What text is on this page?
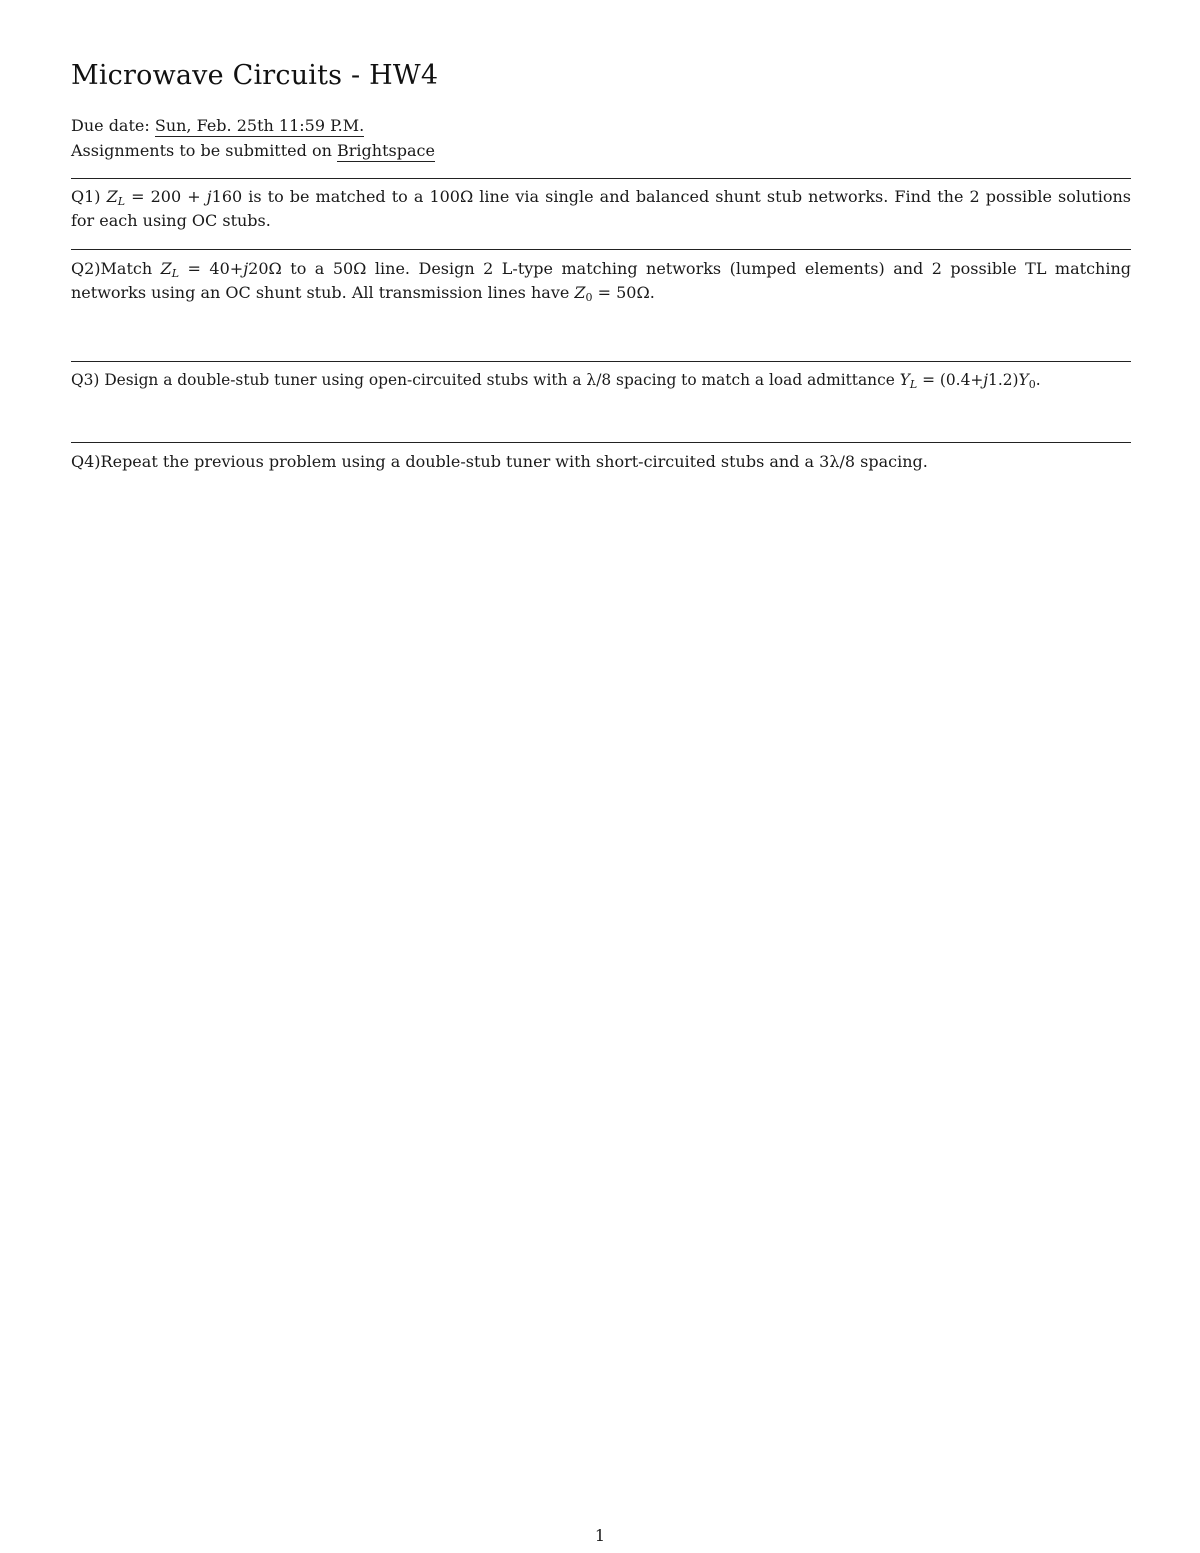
Microwave Circuits - HW4
Due date: Sun, Feb. 25th 11:59 P.M.
Assignments to be submitted on Brightspace

Q1) $Z_L = 200 + j160$ is to be matched to a 100Ω line via single and balanced shunt stub networks. Find the 2 possible solutions for each using OC stubs.

Q2)Match $Z_L = 40+j20\Omega$ to a 50Ω line. Design 2 L-type matching networks (lumped elements) and 2 possible TL matching networks using an OC shunt stub. All transmission lines have $Z_0 = 50\Omega$.

Q3) Design a double-stub tuner using open-circuited stubs with a λ/8 spacing to match a load admittance $Y_L = (0.4+j1.2)Y_0$.

Q4)Repeat the previous problem using a double-stub tuner with short-circuited stubs and a 3λ/8 spacing.

1
